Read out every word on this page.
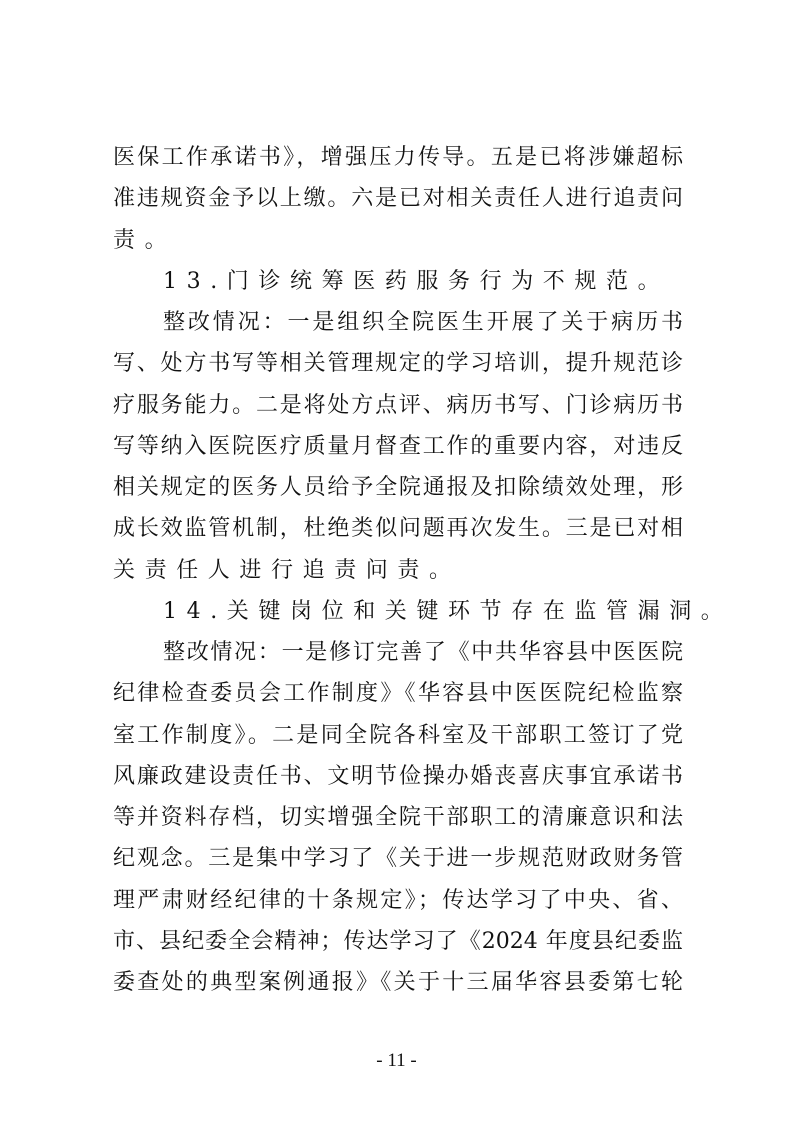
医保工作承诺书》，增强压力传导。五是已将涉嫌超标
准违规资金予以上缴。六是已对相关责任人进行追责问
责。
13.门诊统筹医药服务行为不规范。
整改情况：一是组织全院医生开展了关于病历书
写、处方书写等相关管理规定的学习培训，提升规范诊
疗服务能力。二是将处方点评、病历书写、门诊病历书
写等纳入医院医疗质量月督查工作的重要内容，对违反
相关规定的医务人员给予全院通报及扣除绩效处理，形
成长效监管机制，杜绝类似问题再次发生。三是已对相
关责任人进行追责问责。
14.关键岗位和关键环节存在监管漏洞。
整改情况：一是修订完善了《中共华容县中医医院
纪律检查委员会工作制度》《华容县中医医院纪检监察
室工作制度》。二是同全院各科室及干部职工签订了党
风廉政建设责任书、文明节俭操办婚丧喜庆事宜承诺书
等并资料存档，切实增强全院干部职工的清廉意识和法
纪观念。三是集中学习了《关于进一步规范财政财务管
理严肃财经纪律的十条规定》；传达学习了中央、省、
市、县纪委全会精神；传达学习了《2024 年度县纪委监
委查处的典型案例通报》《关于十三届华容县委第七轮
- 11 -
